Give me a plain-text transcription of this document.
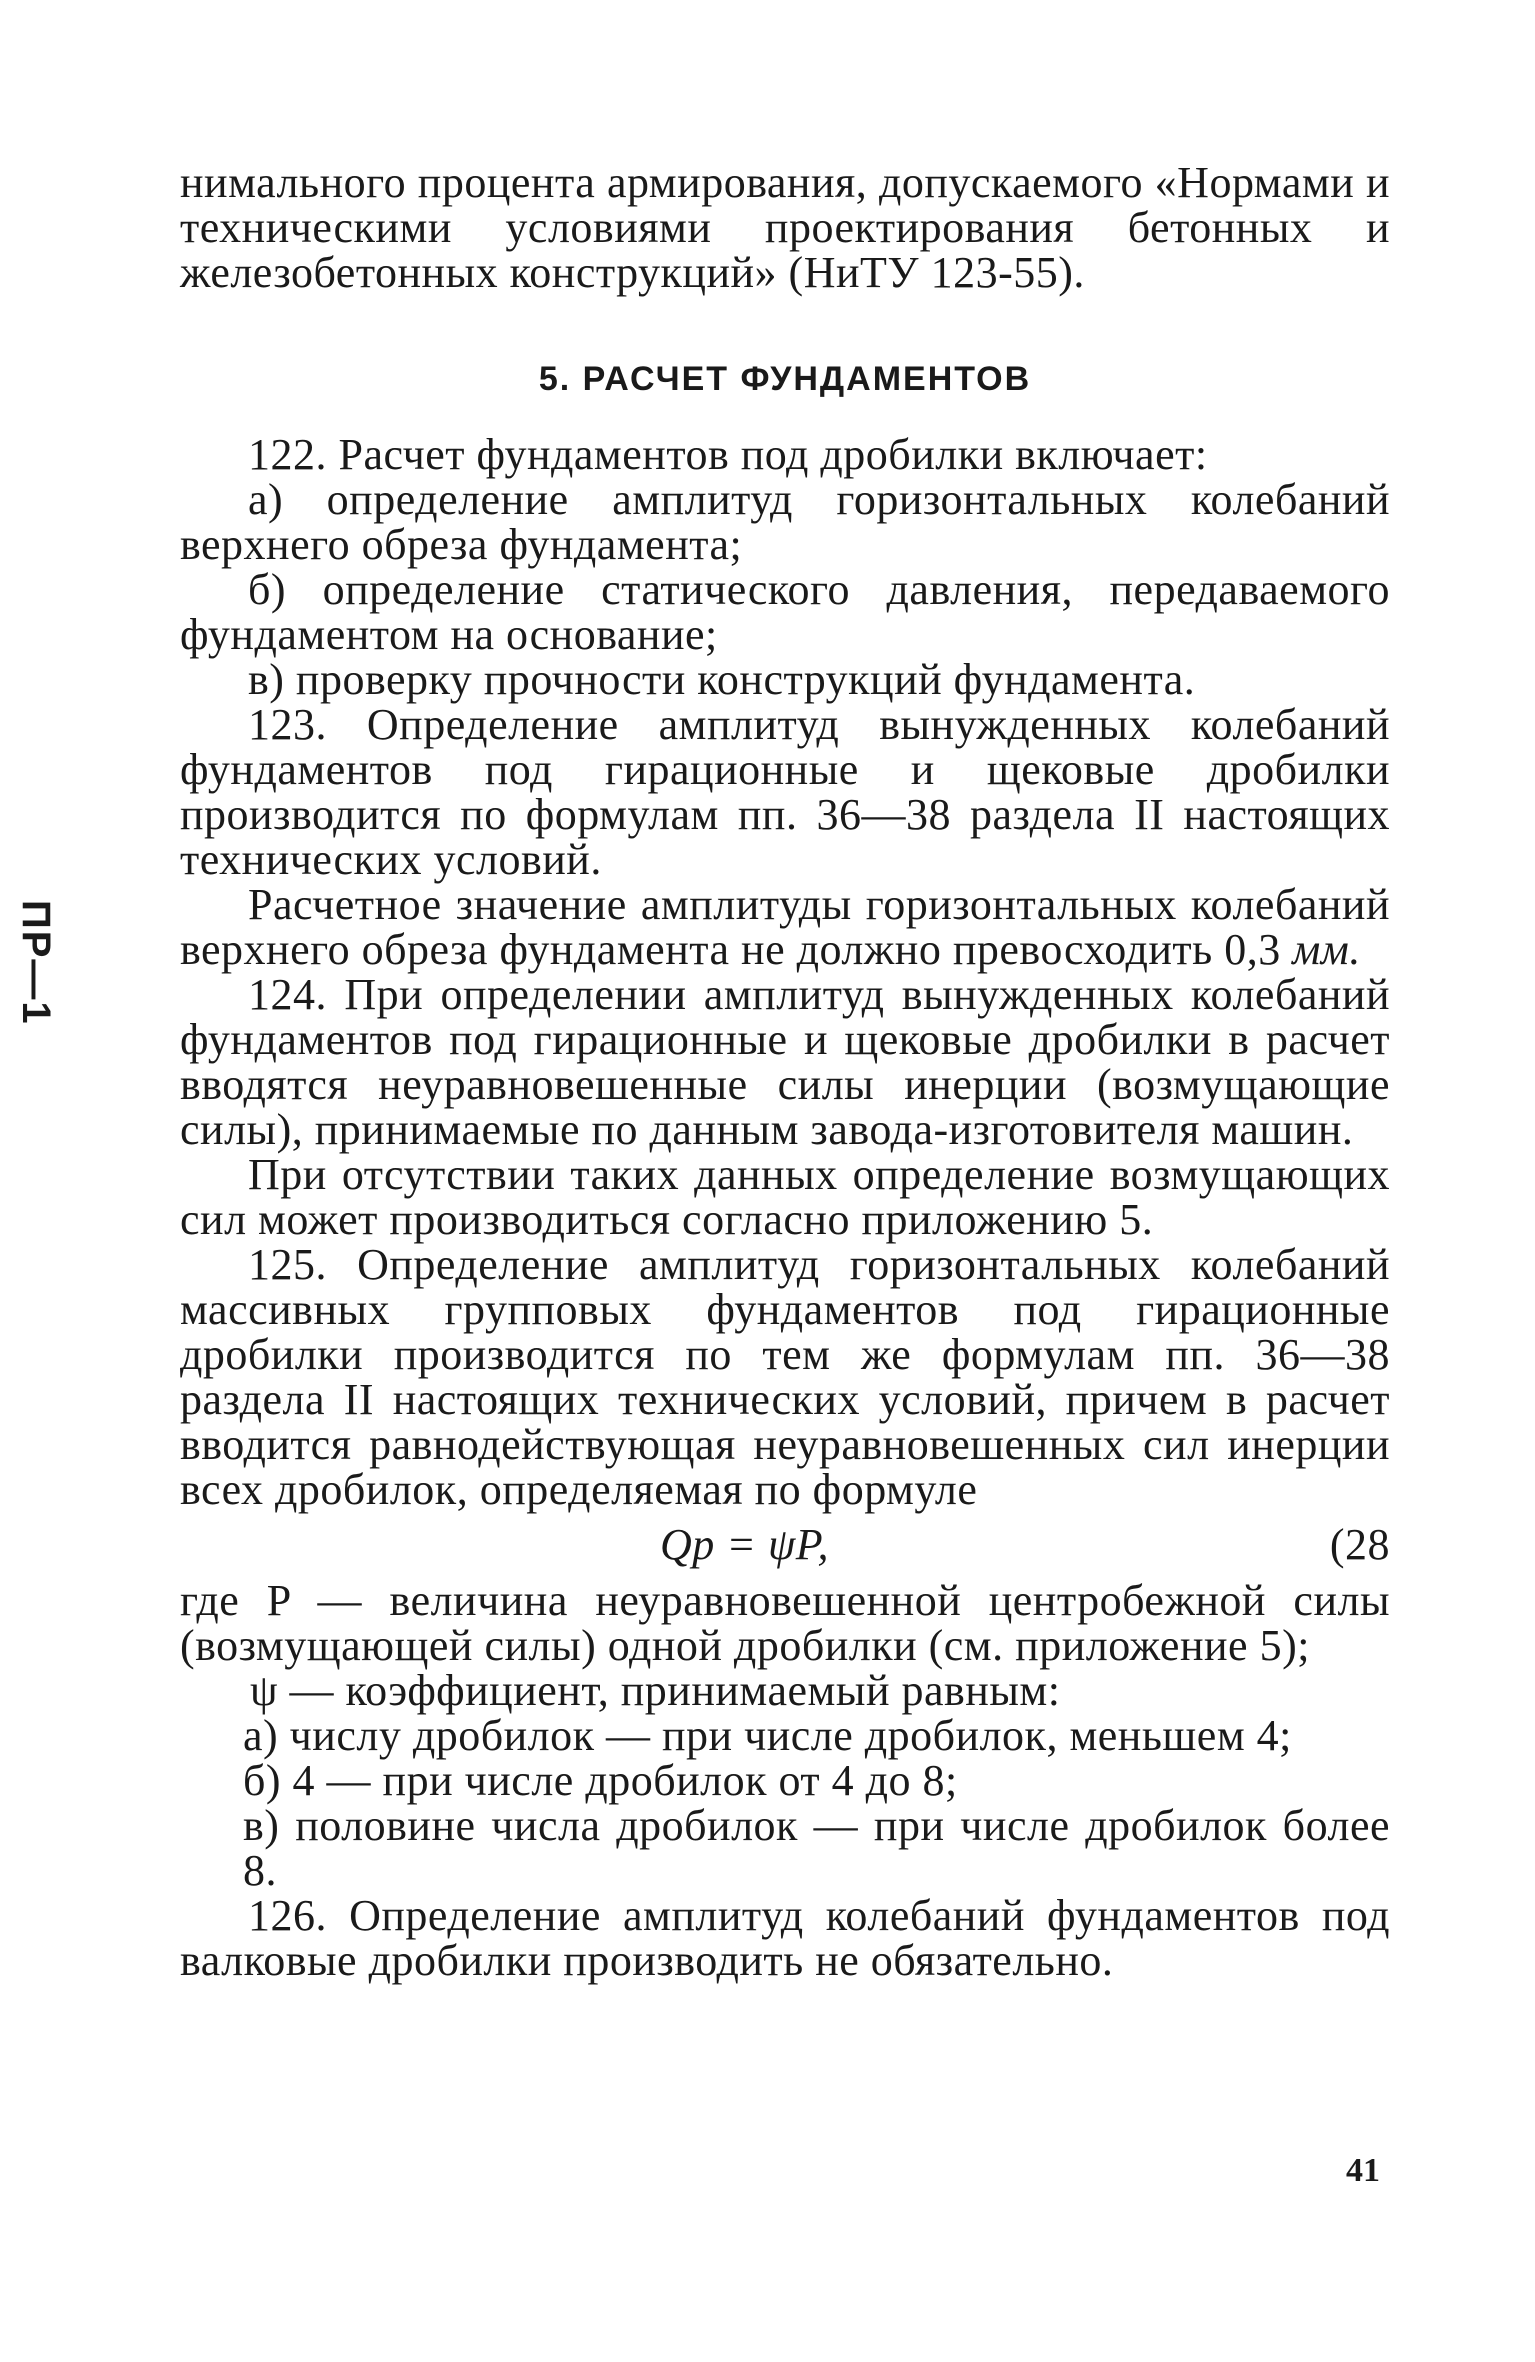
нимального процента армирования, допускаемого «Нормами и техническими условиями проектирования бетонных и железобетонных конструкций» (НиТУ 123-55).

5. РАСЧЕТ ФУНДАМЕНТОВ

122. Расчет фундаментов под дробилки включает:

а) определение амплитуд горизонтальных колебаний верхнего обреза фундамента;

б) определение статического давления, передаваемого фундаментом на основание;

в) проверку прочности конструкций фундамента.

123. Определение амплитуд вынужденных колебаний фундаментов под гирационные и щековые дробилки производится по формулам пп. 36—38 раздела II настоящих технических условий.

Расчетное значение амплитуды горизонтальных колебаний верхнего обреза фундамента не должно превосходить 0,3 мм.

124. При определении амплитуд вынужденных колебаний фундаментов под гирационные и щековые дробилки в расчет вводятся неуравновешенные силы инерции (возмущающие силы), принимаемые по данным завода-изготовителя машин.

При отсутствии таких данных определение возмущающих сил может производиться согласно приложению 5.

125. Определение амплитуд горизонтальных колебаний массивных групповых фундаментов под гирационные дробилки производится по тем же формулам пп. 36—38 раздела II настоящих технических условий, причем в расчет вводится равнодействующая неуравновешенных сил инерции всех дробилок, определяемая по формуле

Qр = ψP,	(28

где P — величина неуравновешенной центробежной силы (возмущающей силы) одной дробилки (см. приложение 5);

ψ — коэффициент, принимаемый равным:

а) числу дробилок — при числе дробилок, меньшем 4;

б) 4 — при числе дробилок от 4 до 8;

в) половине числа дробилок — при числе дробилок более 8.

126. Определение амплитуд колебаний фундаментов под валковые дробилки производить не обязательно.

ПР—1
41
